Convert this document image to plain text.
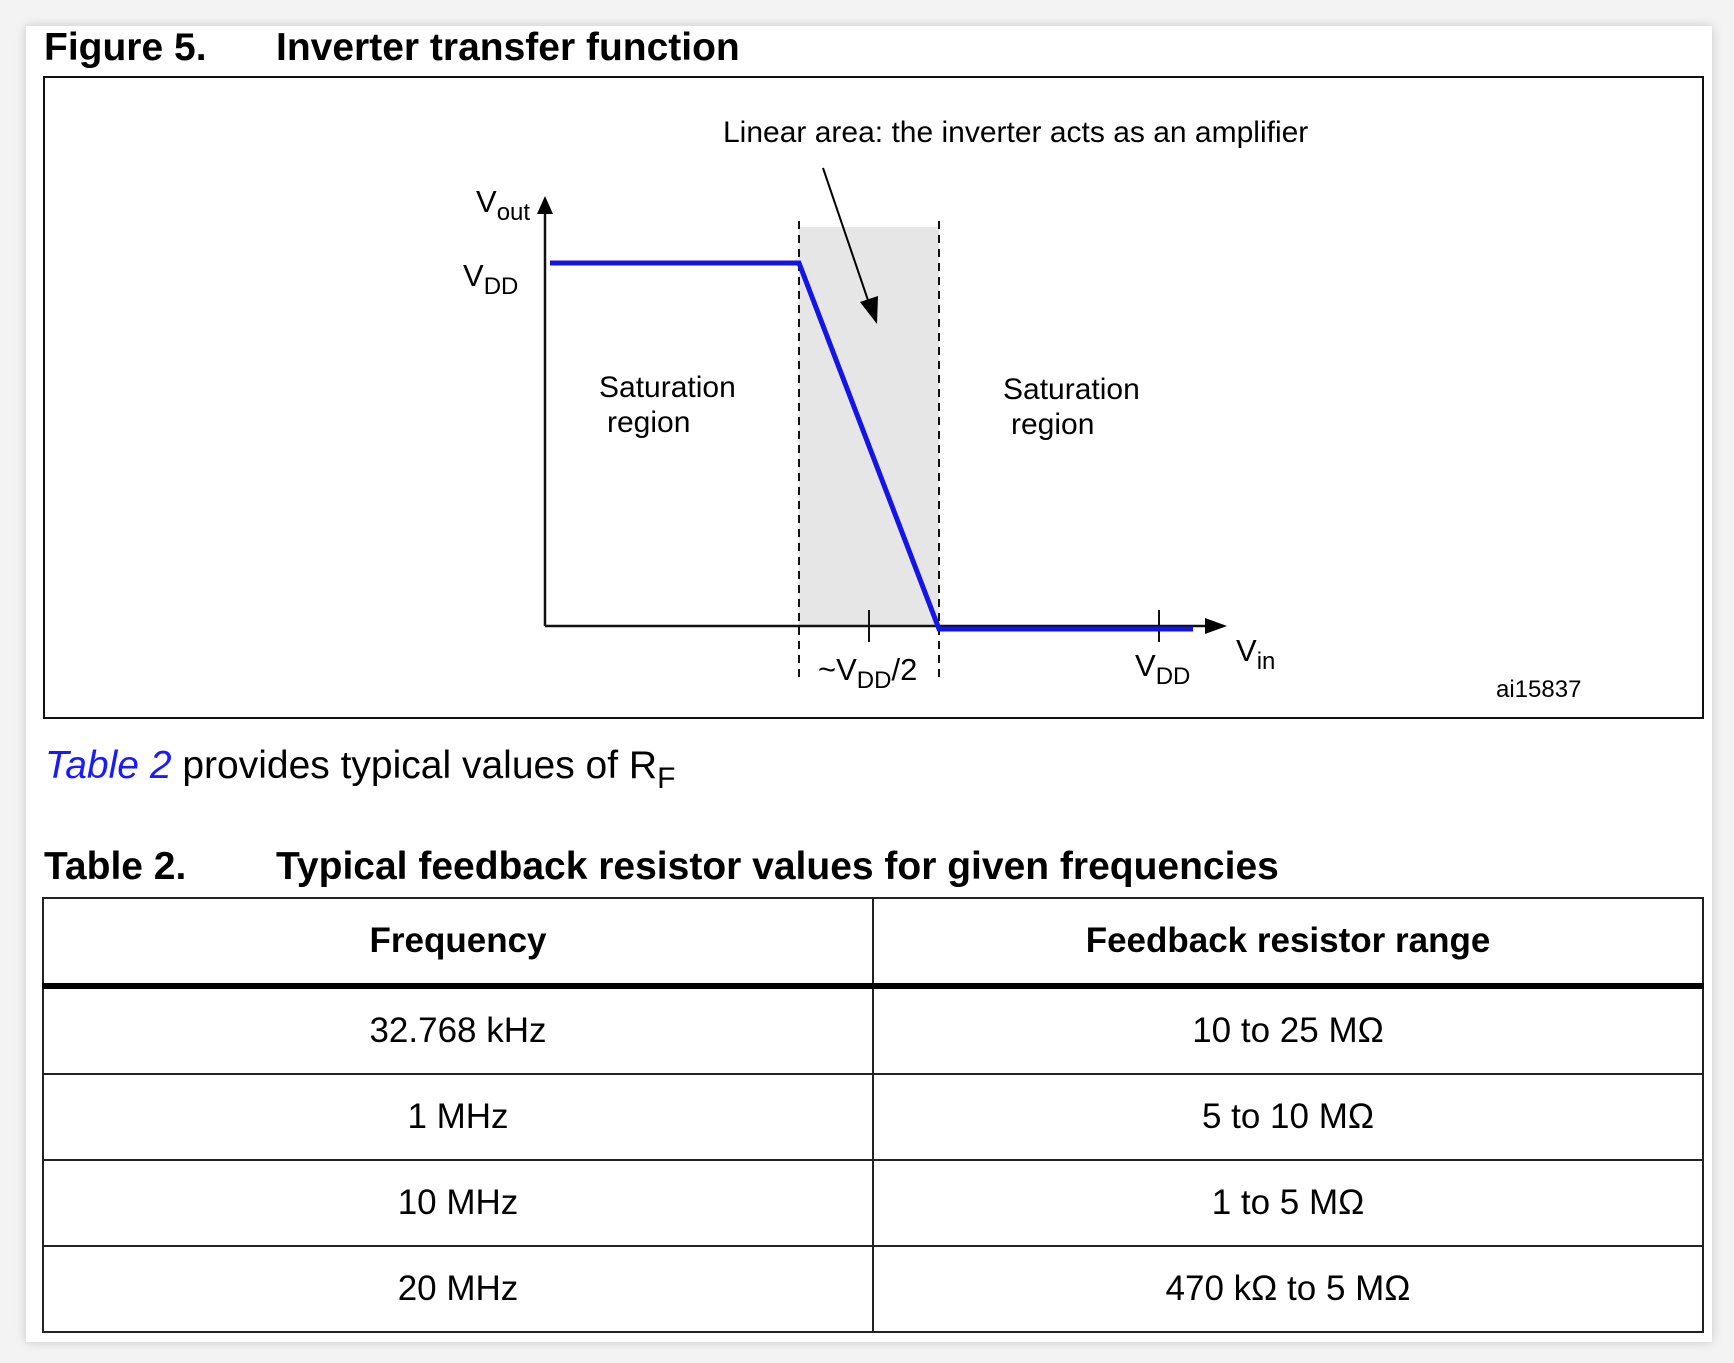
Figure 5. Inverter transfer function
Linear area: the inverter acts as an amplifier
$V_{out}$
$V_{DD}$
Saturation
region
Saturation
region
$\sim V_{DD}/2$	$V_{DD}$
$V_{in}$
ai15837
Table 2 provides typical values of $R_F$
Table 2. Typical feedback resistor values for given frequencies
Frequency	Feedback resistor range
32.768 kHz	10 to 25 MΩ
1 MHz	5 to 10 MΩ
10 MHz	1 to 5 MΩ
20 MHz	470 kΩ to 5 MΩ
